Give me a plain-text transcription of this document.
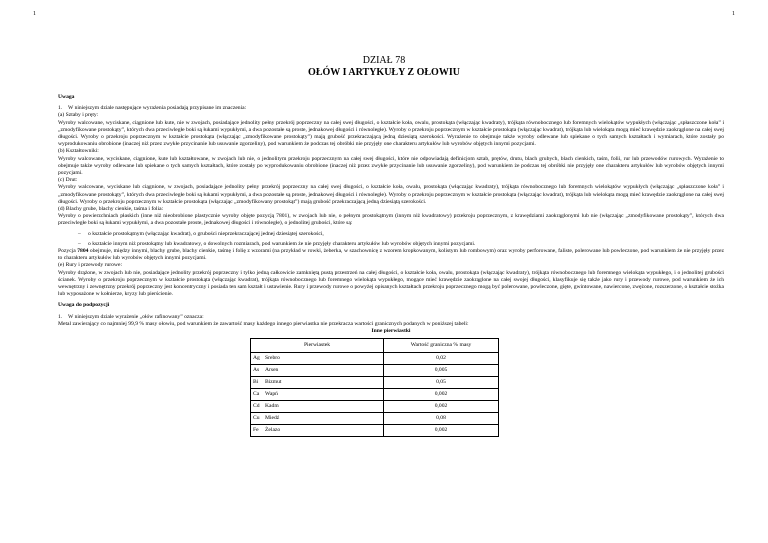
1	1
DZIAŁ 78
OŁÓW I ARTYKUŁY Z OŁOWIU

Uwaga

1.	W niniejszym dziale następujące wyrażenia posiadają przypisane im znaczenia:

(a) Sztaby i pręty:

Wyroby walcowane, wyciskane, ciągnione lub kute, nie w zwojach, posiadające jednolity pełny przekrój poprzeczny na całej swej długości, o kształcie koła, owalu, prostokąta (włączając kwadraty), trójkąta równobocznego lub foremnych wielokątów wypukłych (włączając „spłaszczone koła” i „zmodyfikowane prostokąty”, których dwa przeciwległe boki są łukami wypukłymi, a dwa pozostałe są proste, jednakowej długości i równoległe). Wyroby o przekroju poprzecznym w kształcie prostokąta (włączając kwadrat), trójkąta lub wielokąta mogą mieć krawędzie zaokrąglone na całej swej długości. Wyroby o przekroju poprzecznym w kształcie prostokąta (włączając „zmodyfikowane prostokąty”) mają grubość przekraczającą jedną dziesiątą szerokości. Wyrażenie to obejmuje także wyroby odlewane lub spiekane o tych samych kształtach i wymiarach, które zostały po wyprodukowaniu obrobione (inaczej niż przez zwykłe przycinanie lub usuwanie zgorzeliny), pod warunkiem że podczas tej obróbki nie przyjęły one charakteru artykułów lub wyrobów objętych innymi pozycjami.

(b) Kształtowniki:

Wyroby walcowane, wyciskane, ciągnione, kute lub kształtowane, w zwojach lub nie, o jednolitym przekroju poprzecznym na całej swej długości, które nie odpowiadają definicjom sztab, prętów, drutu, blach grubych, blach cienkich, taśm, folii, rur lub przewodów rurowych. Wyrażenie to obejmuje także wyroby odlewane lub spiekane o tych samych kształtach, które zostały po wyprodukowaniu obrobione (inaczej niż przez zwykłe przycinanie lub usuwanie zgorzeliny), pod warunkiem że podczas tej obróbki nie przyjęły one charakteru artykułów lub wyrobów objętych innymi pozycjami.

(c) Drut:

Wyroby walcowane, wyciskane lub ciągnione, w zwojach, posiadające jednolity pełny przekrój poprzeczny na całej swej długości, o kształcie koła, owalu, prostokąta (włączając kwadraty), trójkąta równobocznego lub foremnych wielokątów wypukłych (włączając „spłaszczone koła” i „zmodyfikowane prostokąty”, których dwa przeciwległe boki są łukami wypukłymi, a dwa pozostałe są proste, jednakowej długości i równoległe). Wyroby o przekroju poprzecznym w kształcie prostokąta (włączając kwadrat), trójkąta lub wielokąta mogą mieć krawędzie zaokrąglone na całej swej długości. Wyroby o przekroju poprzecznym w kształcie prostokąta (włączając „zmodyfikowany prostokąt”) mają grubość przekraczającą jedną dziesiątą szerokości.

(d) Blachy grube, blachy cienkie, taśma i folia:

Wyroby o powierzchniach płaskich (inne niż nieobrobione plastycznie wyroby objęte pozycją 7801), w zwojach lub nie, o pełnym prostokątnym (innym niż kwadratowy) przekroju poprzecznym, z krawędziami zaokrąglonymi lub nie (włączając „zmodyfikowane prostokąty”, których dwa przeciwległe boki są łukami wypukłymi, a dwa pozostałe proste, jednakowej długości i równoległe), o jednolitej grubości, które są:

–	o kształcie prostokątnym (włączając kwadrat), o grubości nieprzekraczającej jednej dziesiątej szerokości,
–	o kształcie innym niż prostokątny lub kwadratowy, o dowolnych rozmiarach, pod warunkiem że nie przyjęły charakteru artykułów lub wyrobów objętych innymi pozycjami.

Pozycja 7804 obejmuje, między innymi, blachy grube, blachy cienkie, taśmę i folię z wzorami (na przykład w rowki, żeberka, w szachownicę z wzorem kropkowanym, kolistym lub rombowym) oraz wyroby perforowane, faliste, polerowane lub powleczone, pod warunkiem że nie przyjęły przez to charakteru artykułów lub wyrobów objętych innymi pozycjami.

(e) Rury i przewody rurowe:

Wyroby drążone, w zwojach lub nie, posiadające jednolity przekrój poprzeczny i tylko jedną całkowicie zamkniętą pustą przestrzeń na całej długości, o kształcie koła, owalu, prostokąta (włączając kwadraty), trójkąta równobocznego lub foremnego wielokąta wypukłego, i o jednolitej grubości ścianek. Wyroby o przekroju poprzecznym w kształcie prostokąta (włączając kwadrat), trójkąta równobocznego lub foremnego wielokąta wypukłego, mogące mieć krawędzie zaokrąglone na całej swojej długości, klasyfikuje się także jako rury i przewody rurowe, pod warunkiem że ich wewnętrzny i zewnętrzny przekrój poprzeczny jest koncentryczny i posiada ten sam kształt i ustawienie. Rury i przewody rurowe o powyżej opisanych kształtach przekroju poprzecznego mogą być polerowane, powleczone, gięte, gwintowane, nawiercone, zwężone, rozszerzone, o kształcie stożka lub wyposażone w kołnierze, kryzy lub pierścienie.

Uwaga do podpozycji

1.	W niniejszym dziale wyrażenie „ołów rafinowany” oznacza:

Metal zawierający co najmniej 99,9 % masy ołowiu, pod warunkiem że zawartość masy każdego innego pierwiastka nie przekracza wartości granicznych podanych w poniższej tabeli:

Inne pierwiastki

Pierwiastek		Wartość graniczna % masy
Ag	Srebro	0,02
As	Arsen	0,005
Bi	Bizmut	0,05
Ca	Wapń	0,002
Cd	Kadm	0,002
Cu	Miedź	0,08
Fe	Żelazo	0,002
